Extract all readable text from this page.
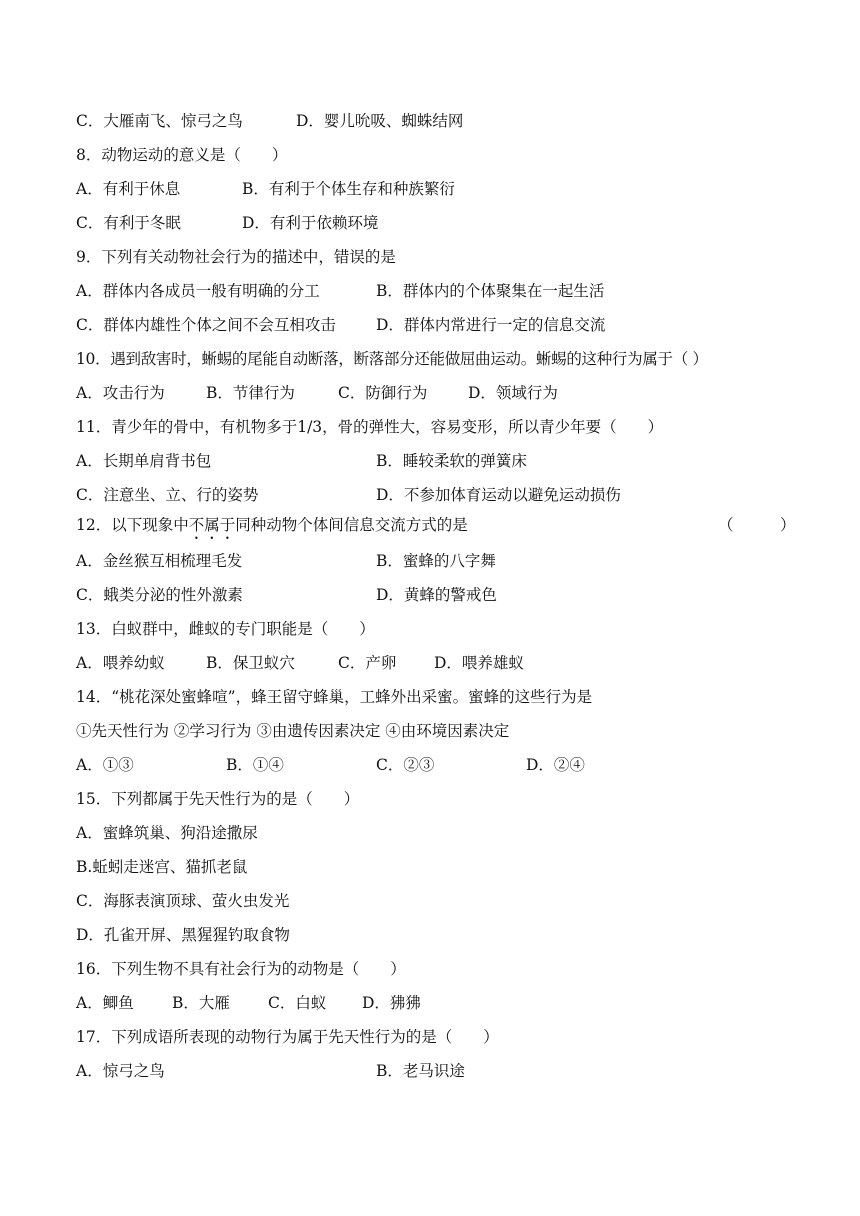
C．大雁南飞、惊弓之鸟	D．婴儿吮吸、蜘蛛结网
8．动物运动的意义是（　　）
A．有利于休息	B．有利于个体生存和种族繁衍
C．有利于冬眠	D．有利于依赖环境
9．下列有关动物社会行为的描述中，错误的是
A．群体内各成员一般有明确的分工	B．群体内的个体聚集在一起生活
C．群体内雄性个体之间不会互相攻击	D．群体内常进行一定的信息交流
10．遇到敌害时，蜥蜴的尾能自动断落，断落部分还能做屈曲运动。蜥蜴的这种行为属于（ ）
A．攻击行为	B．节律行为	C．防御行为	D．领域行为
11．青少年的骨中，有机物多于1/3，骨的弹性大，容易变形，所以青少年要（　　）
A．长期单肩背书包	B．睡较柔软的弹簧床
C．注意坐、立、行的姿势	D．不参加体育运动以避免运动损伤
12．以下现象中不属于同种动物个体间信息交流方式的是	（　　　）
A．金丝猴互相梳理毛发	B．蜜蜂的八字舞
C．蛾类分泌的性外激素	D．黄蜂的警戒色
13．白蚁群中，雌蚁的专门职能是（　　）
A．喂养幼蚁	B．保卫蚁穴	C．产卵 D．喂养雄蚁
14．“桃花深处蜜蜂喧”，蜂王留守蜂巢，工蜂外出采蜜。蜜蜂的这些行为是
①先天性行为 ②学习行为 ③由遗传因素决定 ④由环境因素决定
A．①③	B．①④	C．②③	D．②④
15．下列都属于先天性行为的是（　　）
A．蜜蜂筑巢、狗沿途撒尿
B.蚯蚓走迷宫、猫抓老鼠
C．海豚表演顶球、萤火虫发光
D．孔雀开屏、黑猩猩钓取食物
16．下列生物不具有社会行为的动物是（　　）
A．鲫鱼 B．大雁 C．白蚁 D．狒狒
17．下列成语所表现的动物行为属于先天性行为的是（　　）
A．惊弓之鸟	B．老马识途
